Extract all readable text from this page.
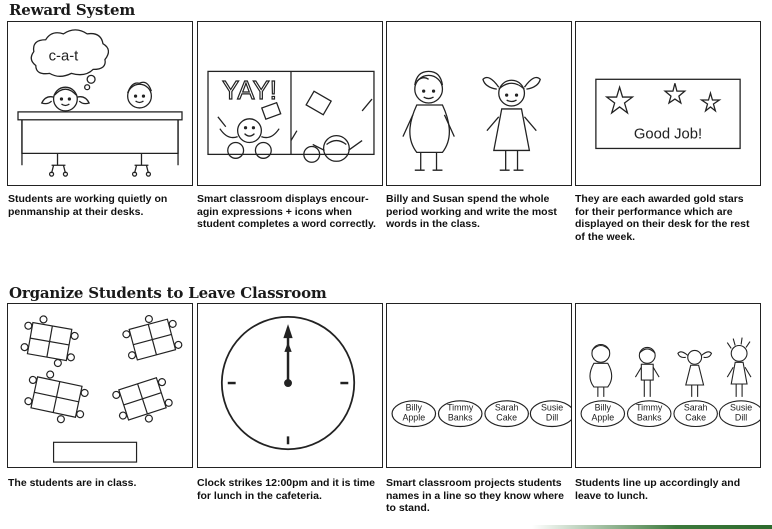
Reward System
c-a-t
Students are working quietly on penmanship at their desks.
YAY!
Smart classroom displays encour-agin expressions + icons when student completes a word correctly.
Billy and Susan spend the whole period working and write the most words in the class.
Good Job!
They are each awarded gold stars for their performance which are displayed on their desk for the rest of the week.
Organize Students to Leave Classroom
The students are in class.	Clock strikes 12:00pm and it is time for lunch in the cafeteria.
Billy
Apple
Timmy
Banks
Sarah
Cake
Susie
Dill
Smart classroom projects students names in a line so they know where to stand.
Billy
Apple
Timmy
Banks
Sarah
Cake
Susie
Dill
Students line up accordingly and leave to lunch.
